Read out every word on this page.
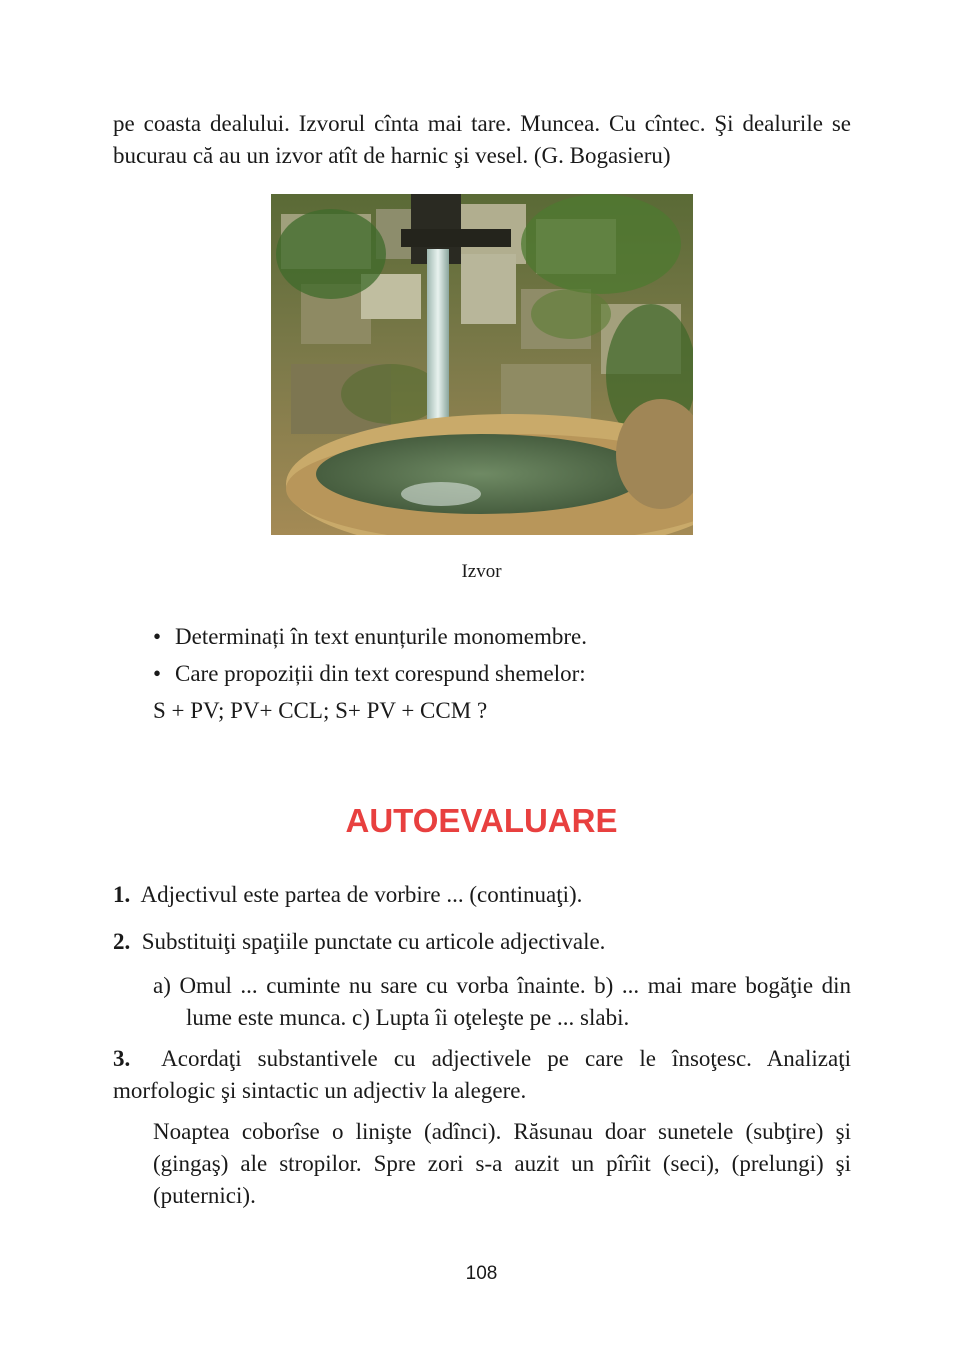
pe coasta dealului. Izvorul cînta mai tare. Muncea. Cu cîntec. Şi dealurile se bucurau că au un izvor atît de harnic şi vesel. (G. Bogasieru)

Izvor
• Determinați în text enunțurile monomembre.
• Care propoziții din text corespund shemelor:
S + PV; PV+ CCL; S+ PV + CCM ?
AUTOEVALUARE

1. Adjectivul este partea de vorbire ... (continuaţi).

2. Substituiţi spaţiile punctate cu articole adjectivale.

a) Omul ... cuminte nu sare cu vorba înainte. b) ... mai mare bogăţie din lume este munca. c) Lupta îi oţeleşte pe ... slabi.

3. Acordaţi substantivele cu adjectivele pe care le însoţesc. Analizaţi morfologic şi sintactic un adjectiv la alegere.

Noaptea coborîse o linişte (adînci). Răsunau doar sunetele (subţire) şi (gingaş) ale stropilor. Spre zori s-a auzit un pîrîit (seci), (prelungi) şi (puternici).

108
